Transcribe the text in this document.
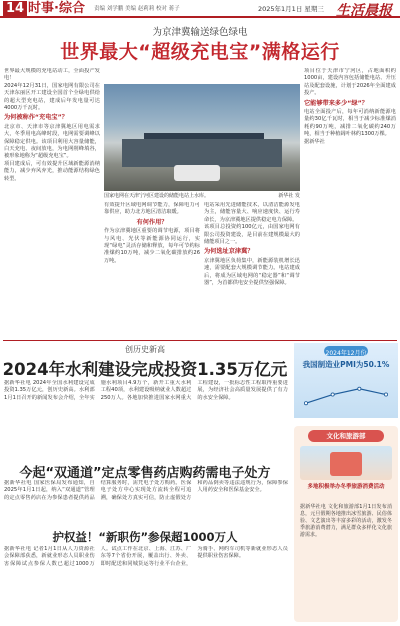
14 时事·综合 责编 刘学鹏 美编 赵莉莉 校对 蒋子	2025年1月1日 星期三 生活晨报
为京津冀输送绿色绿电
世界最大“超级充电宝”满格运行
世界最大规模的充电站动工，全面投产发电！
2024年12月31日，国家电网有限公司在天津东丽区开工建设全国首个全绿电供给的超大型充电站，建成后年发电量可达4000万千瓦时。
为何被称作“充电宝”？
北京市、天津市等京津冀地区用电需求大，冬季用电高峰时段，电网需要调峰以保障稳定供电。该项目利用大容量储能，白天充电、夜间放电，为电网削峰填谷，被形象地称为“超级充电宝”。
项目建成后，可有效提升区域新能源消纳能力，减少弃风弃光，推动能源结构绿色转型。
国家电网在天津宁河区建设的储能电站上水库。	新华社 发
有效提升区域电网调节能力，保障电力可靠供应，助力北方地区清洁取暖。
有何作用？
作为京津冀地区重要的调节电源，项目将与风电、光伏等新能源协同运行，实现“绿电”灵活存储和释放，每年可节约标准煤约10万吨，减少二氧化碳排放约26万吨。
电站采用先进储能技术，以清洁能源发电为主，储能容量大、响应速度快、运行寿命长，为京津冀地区提供稳定电力保障。
该项目总投资约100亿元，由国家电网有限公司投资建设，是目前在建规模最大的储能项目之一。
为何选址京津冀？
京津冀地区负荷集中，新能源装机增长迅速，需要配套大规模调节能力。电站建成后，将成为区域电网的“稳定器”和“调节器”，为首都供电安全提供坚强保障。
项目位于天津市宁河区，占地面积约1000亩，建设内容包括储能电站、升压站及配套设施，计划于2026年全面建成投产。
它能够带来多少“绿”？
电站全面投产后，每年可消纳新能源电量约30亿千瓦时，相当于减少标准煤消耗约90万吨，减排二氧化碳约240万吨，相当于种植阔叶林约1300万棵。
据新华社
创历史新高
2024年水利建设完成投资1.35万亿元
据新华社电 2024年全国水利建设完成投资1.35万亿元，创历史新高。水利部1月1日召开的新闻发布会介绍，全年实施水利项目4.9万个，新开工重大水利工程40项，水利建设吸纳就业人数超过250万人。各地加快推进国家水网重大工程建设，一批标志性工程取得重要进展，为经济社会高质量发展提供了有力的水安全保障。
今起“双通道”定点零售药店购药需电子处方
据新华社电 国家医保局发布通知，自2025年1月1日起，纳入“双通道”管理的定点零售药店在为参保患者提供药品结算服务时，需凭电子处方购药。医保电子处方中心实现处方流转全程可追溯，确保处方真实可信，防止虚假处方和药品倒卖等违法违规行为，保障参保人用药安全和医保基金安全。
护权益！“新职伤”参保超1000万人
据新华社电 记者1月1日从人力资源社会保障部获悉，新就业形态人员职业伤害保障试点参保人数已超过1000万人。试点工作在北京、上海、江苏、广东等7个省份开展，覆盖出行、外卖、即时配送和同城货运等行业平台企业，为骑手、网约车司机等新就业形态人员提供职业伤害保障。
2024年12月份
我国制造业PMI为50.1%
文化和旅游部
多地积极举办冬季旅游消费活动
据新华社电 文化和旅游部1月1日发布消息，元旦假期各地推出冰雪旅游、民俗体验、文艺演出等丰富多彩的活动，激发冬季旅游消费潜力，满足群众多样化文化旅游需求。
